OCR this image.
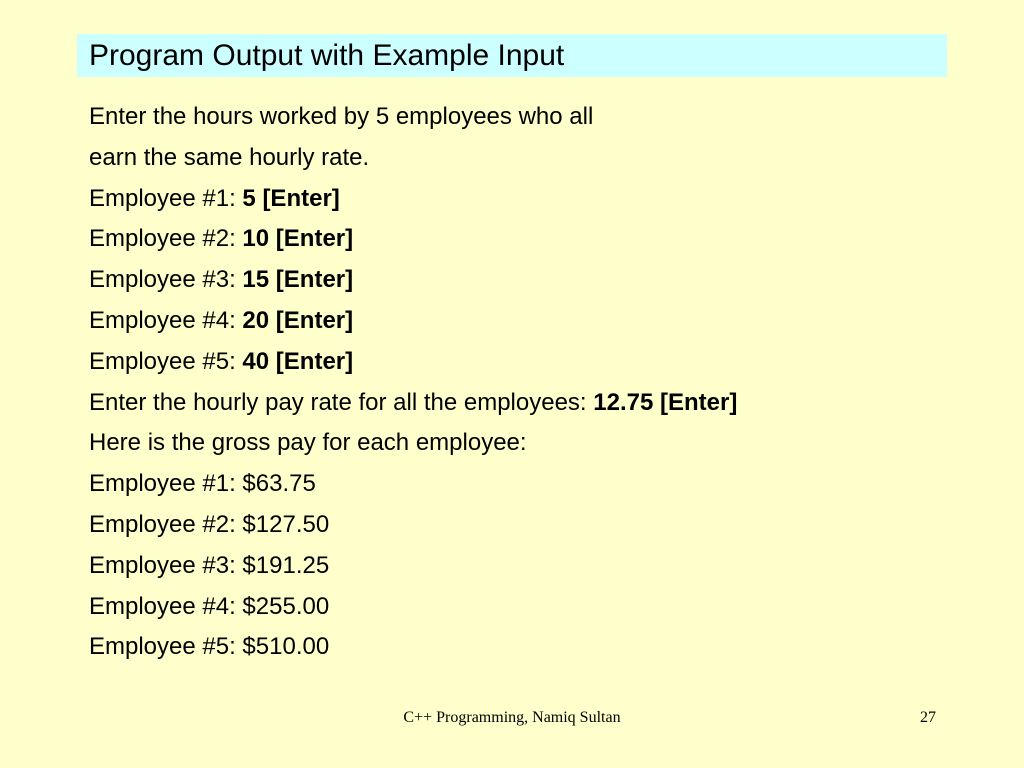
Program Output with Example Input
Enter the hours worked by 5 employees who all
earn the same hourly rate.
Employee #1: 5 [Enter]
Employee #2: 10 [Enter]
Employee #3: 15 [Enter]
Employee #4: 20 [Enter]
Employee #5: 40 [Enter]
Enter the hourly pay rate for all the employees: 12.75 [Enter]
Here is the gross pay for each employee:
Employee #1: $63.75
Employee #2: $127.50
Employee #3: $191.25
Employee #4: $255.00
Employee #5: $510.00
C++ Programming, Namiq Sultan	27
